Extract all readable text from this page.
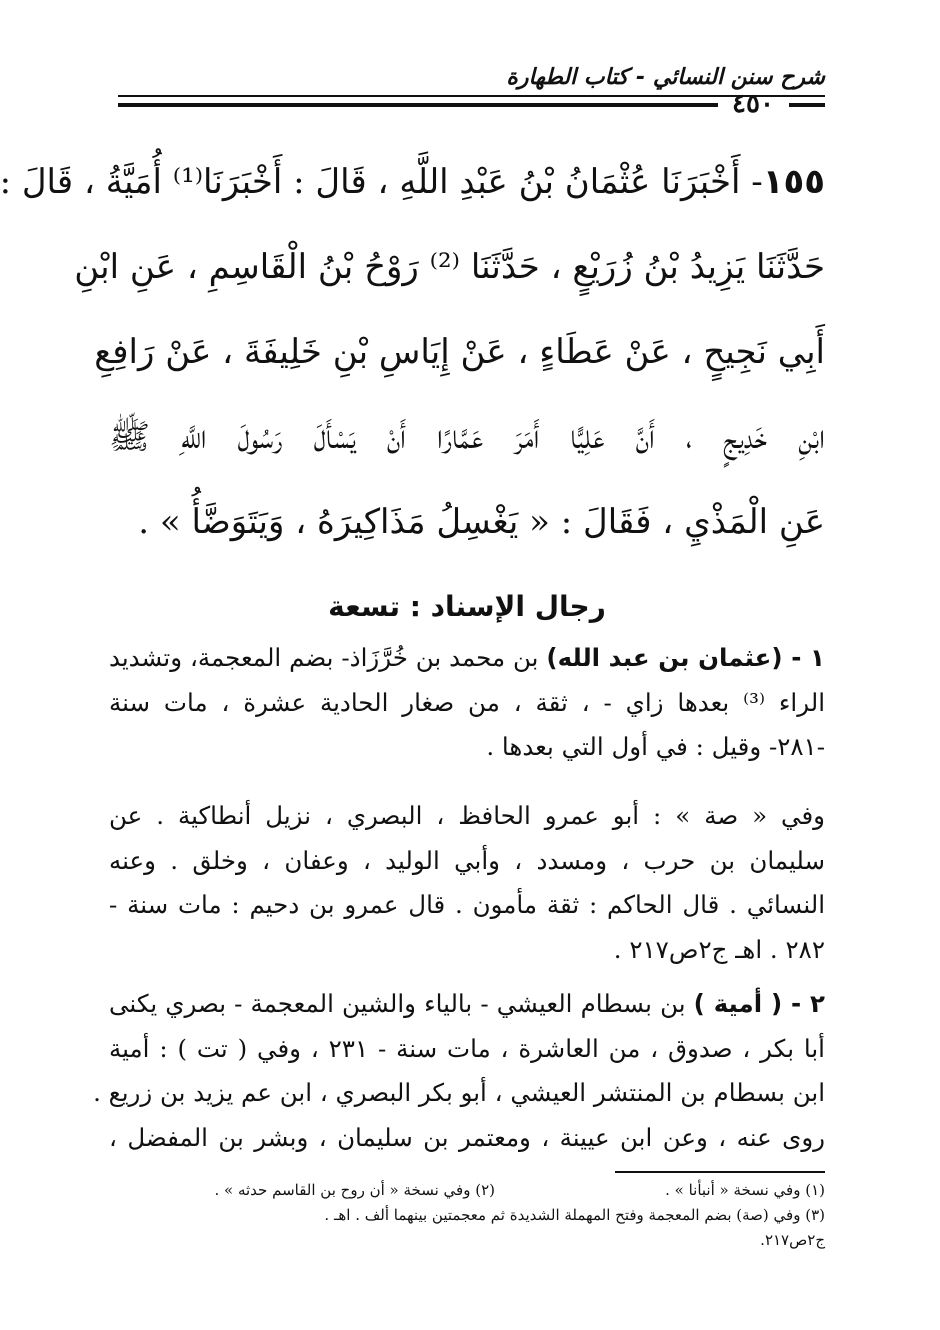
شرح سنن النسائي - كتاب الطهارة
٤٥٠
١٥٥- أَخْبَرَنَا عُثْمَانُ بْنُ عَبْدِ اللَّهِ ، قَالَ : أَخْبَرَنَا⁽¹⁾ أُمَيَّةُ ، قَالَ :
حَدَّثَنَا يَزِيدُ بْنُ زُرَيْعٍ ، حَدَّثَنَا ⁽²⁾ رَوْحُ بْنُ الْقَاسِمِ ، عَنِ ابْنِ
أَبِي نَجِيحٍ ، عَنْ عَطَاءٍ ، عَنْ إِيَاسِ بْنِ خَلِيفَةَ ، عَنْ رَافِعِ
ابْنِ خَدِيجٍ ، أَنَّ عَلِيًّا أَمَرَ عَمَّارًا أَنْ يَسْأَلَ رَسُولَ اللَّهِ ﷺ
عَنِ الْمَذْيِ ، فَقَالَ : « يَغْسِلُ مَذَاكِيرَهُ ، وَيَتَوَضَّأُ » .
رجال الإسناد : تسعة
١ - (عثمان بن عبد الله) بن محمد بن خُرَّزَاذ- بضم المعجمة، وتشديد
الراء ⁽³⁾ بعدها زاي - ، ثقة ، من صغار الحادية عشرة ، مات سنة
-٢٨١- وقيل : في أول التي بعدها .
وفي « صة » : أبو عمرو الحافظ ، البصري ، نزيل أنطاكية . عن
سليمان بن حرب ، ومسدد ، وأبي الوليد ، وعفان ، وخلق . وعنه
النسائي . قال الحاكم : ثقة مأمون . قال عمرو بن دحيم : مات سنة -
٢٨٢ . اهـ ج٢ص٢١٧ .
٢ - ( أمية ) بن بسطام العيشي - بالياء والشين المعجمة - بصري يكنى
أبا بكر ، صدوق ، من العاشرة ، مات سنة - ٢٣١ ، وفي ( تت ) : أمية
ابن بسطام بن المنتشر العيشي ، أبو بكر البصري ، ابن عم يزيد بن زريع .
روى عنه ، وعن ابن عيينة ، ومعتمر بن سليمان ، وبشر بن المفضل ،
(١) وفي نسخة « أنبأنا » .(٢) وفي نسخة « أن روح بن القاسم حدثه » .
(٣) وفي (صة) بضم المعجمة وفتح المهملة الشديدة ثم معجمتين بينهما ألف . اهـ .
ج٢ص٢١٧.
